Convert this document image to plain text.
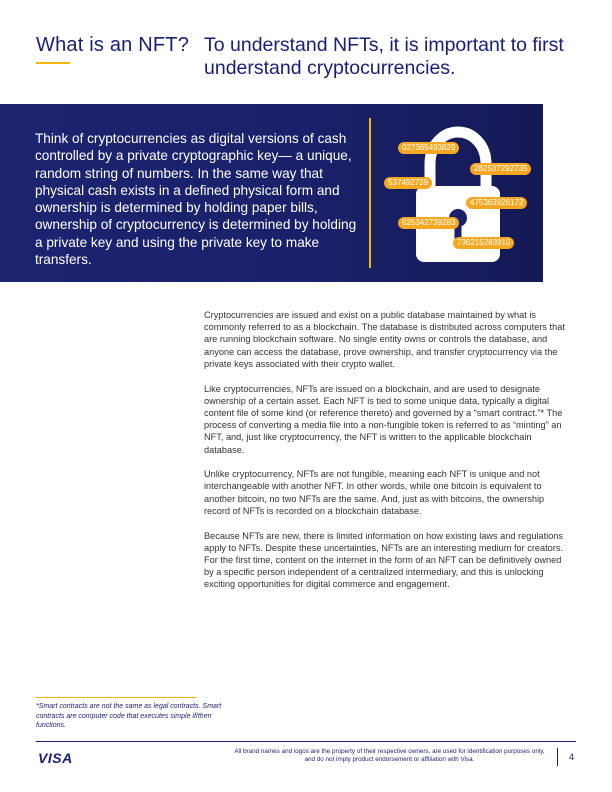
What is an NFT? To understand NFTs, it is important to first understand cryptocurrencies.
Think of cryptocurrencies as digital versions of cash controlled by a private cryptographic key— a unique, random string of numbers. In the same way that physical cash exists in a defined physical form and ownership is determined by holding paper bills, ownership of cryptocurrency is determined by holding a private key and using the private key to make transfers.
027365493829
282537292735
537492739
475363926172
625342739283
736215283910

Cryptocurrencies are issued and exist on a public database maintained by what is commonly referred to as a blockchain. The database is distributed across computers that are running blockchain software. No single entity owns or controls the database, and anyone can access the database, prove ownership, and transfer cryptocurrency via the private keys associated with their crypto wallet.

Like cryptocurrencies, NFTs are issued on a blockchain, and are used to designate ownership of a certain asset. Each NFT is tied to some unique data, typically a digital content file of some kind (or reference thereto) and governed by a “smart contract.”* The process of converting a media file into a non-fungible token is referred to as “minting” an NFT, and, just like cryptocurrency, the NFT is written to the applicable blockchain database.

Unlike cryptocurrency, NFTs are not fungible, meaning each NFT is unique and not interchangeable with another NFT. In other words, while one bitcoin is equivalent to another bitcoin, no two NFTs are the same. And, just as with bitcoins, the ownership record of NFTs is recorded on a blockchain database.

Because NFTs are new, there is limited information on how existing laws and regulations apply to NFTs. Despite these uncertainties, NFTs are an interesting medium for creators. For the first time, content on the internet in the form of an NFT can be definitively owned by a specific person independent of a centralized intermediary, and this is unlocking exciting opportunities for digital commerce and engagement.

*Smart contracts are not the same as legal contracts. Smart contracts are computer code that executes simple if/then functions.
VISA	All brand names and logos are the property of their respective owners, are used for identification purposes only, and do not imply product endorsement or affiliation with Visa.	4
